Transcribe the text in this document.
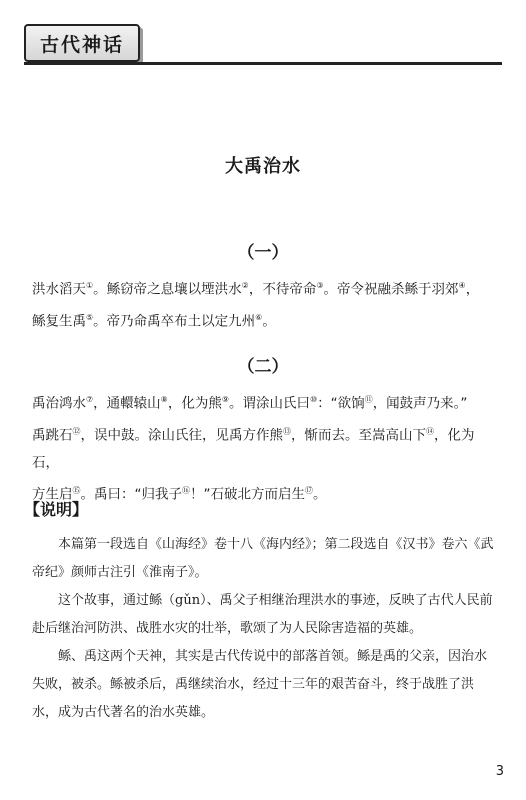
古代神话
大禹治水
（一）
洪水滔天①。鲧窃帝之息壤以堙洪水②，不待帝命③。帝令祝融杀鲧于羽郊④，
鲧复生禹⑤。帝乃命禹卒布土以定九州⑥。
（二）
禹治鸿水⑦，通轘辕山⑧，化为熊⑨。谓涂山氏曰⑩：“欲饷⑪，闻鼓声乃来。”
禹跳石⑫，误中鼓。涂山氏往，见禹方作熊⑬，惭而去。至嵩高山下⑭，化为石，
方生启⑮。禹曰：“归我子⑯！”石破北方而启生⑰。
【说明】

本篇第一段选自《山海经》卷十八《海内经》；第二段选自《汉书》卷六《武帝纪》颜师古注引《淮南子》。

这个故事，通过鲧（gǔn）、禹父子相继治理洪水的事迹，反映了古代人民前赴后继治河防洪、战胜水灾的壮举，歌颂了为人民除害造福的英雄。

鲧、禹这两个天神，其实是古代传说中的部落首领。鲧是禹的父亲，因治水失败，被杀。鲧被杀后，禹继续治水，经过十三年的艰苦奋斗，终于战胜了洪水，成为古代著名的治水英雄。

3
